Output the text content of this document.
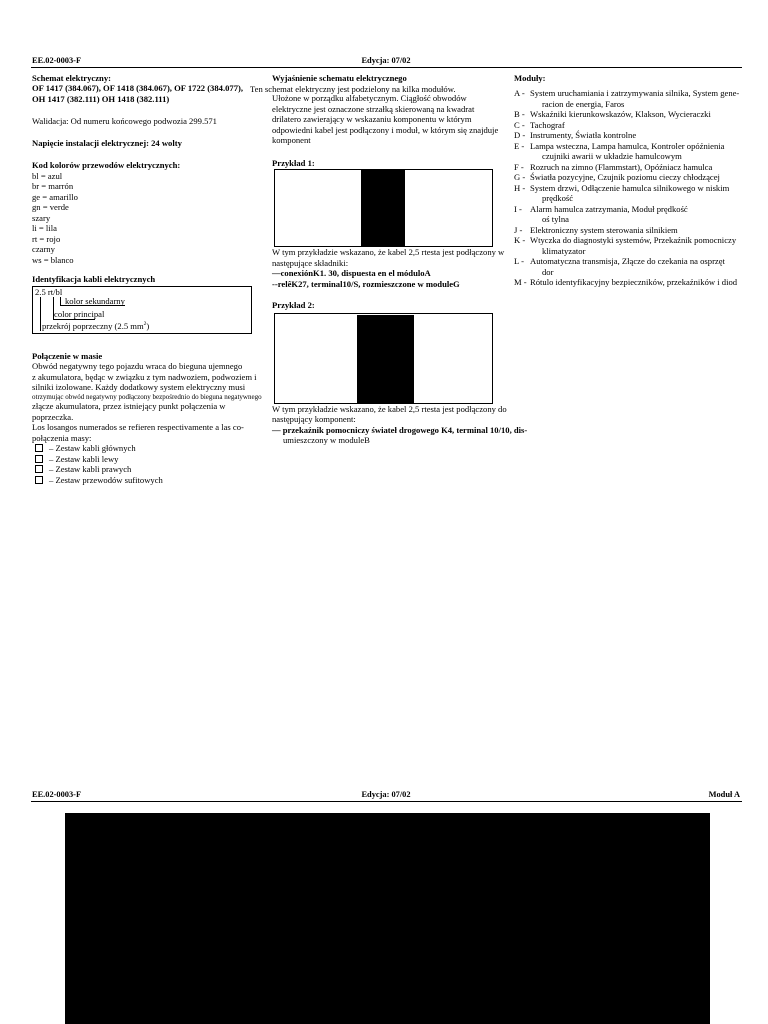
EE.02-0003-F	Edycja: 07/02

Schemat elektryczny:

OF 1417 (384.067), OF 1418 (384.067), OF 1722 (384.077),

OH 1417 (382.111) OH 1418 (382.111)

Walidacja: Od numeru końcowego podwozia 299.571

Napięcie instalacji elektrycznej: 24 wolty

Kod kolorów przewodów elektrycznych:

bl = azul
br = marrón
ge = amarillo
gn = verde
szary
li = lila
rt = rojo
czarny
ws = blanco

Identyfikacja kabli elektrycznych

2.5 rt/bl
kolor sekundarny
color principal
przekrój poprzeczny (2.5 $mm^2$)

Połączenie w masie

Obwód negatywny tego pojazdu wraca do bieguna ujemnego

z akumulatora, będąc w związku z tym nadwoziem, podwoziem i

silniki izolowane. Każdy dodatkowy system elektryczny musi

otrzymując obwód negatywny podłączony bezpośrednio do bieguna negatywnego

złącze akumulatora, przez istniejący punkt połączenia w

poprzeczka.

Los losangos numerados se refieren respectivamente a las co-

połączenia masy:

– Zestaw kabli głównych
– Zestaw kabli lewy
– Zestaw kabli prawych
– Zestaw przewodów sufitowych

Ten schemat elektryczny jest podzielony na kilka modułów.

Wyjaśnienie schematu elektrycznego

Ułożone w porządku alfabetycznym. Ciągłość obwodów

elektryczne jest oznaczone strzałką skierowaną na kwadrat

drilatero zawierający w wskazaniu komponentu w którym

odpowiedni kabel jest podłączony i moduł, w którym się znajduje

komponent

Przykład 1:

W tym przykładzie wskazano, że kabel 2,5 rtesta jest podłączony w

następujące składniki:

—conexiónK1. 30, dispuesta en el móduloA

--relêK27, terminal10/S, rozmieszczone w moduleG

Przykład 2:

W tym przykładzie wskazano, że kabel 2,5 rtesta jest podłączony do

następujący komponent:

— przekaźnik pomocniczy świateł drogowego K4, terminal 10/10, dis-

umieszczony w moduleB

Moduły:

A - System uruchamiania i zatrzymywania silnika, System gene-
racion de energia, Faros
B - Wskaźniki kierunkowskazów, Klakson, Wycieraczki
C - Tachograf
D - Instrumenty, Światła kontrolne
E - Lampa wsteczna, Lampa hamulca, Kontroler opóźnienia
czujniki awarii w układzie hamulcowym
F - Rozruch na zimno (Flammstart), Opóźniacz hamulca
G - Światła pozycyjne, Czujnik poziomu cieczy chłodzącej
H - System drzwi, Odłączenie hamulca silnikowego w niskim
prędkość
I - Alarm hamulca zatrzymania, Moduł prędkość
oś tylna
J - Elektroniczny system sterowania silnikiem
K - Wtyczka do diagnostyki systemów, Przekaźnik pomocniczy
klimatyzator
L - Automatyczna transmisja, Złącze do czekania na osprzęt
dor
M - Rótulo identyfikacyjny bezpieczników, przekaźników i diod
EE.02-0003-F	Edycja: 07/02	Moduł A
